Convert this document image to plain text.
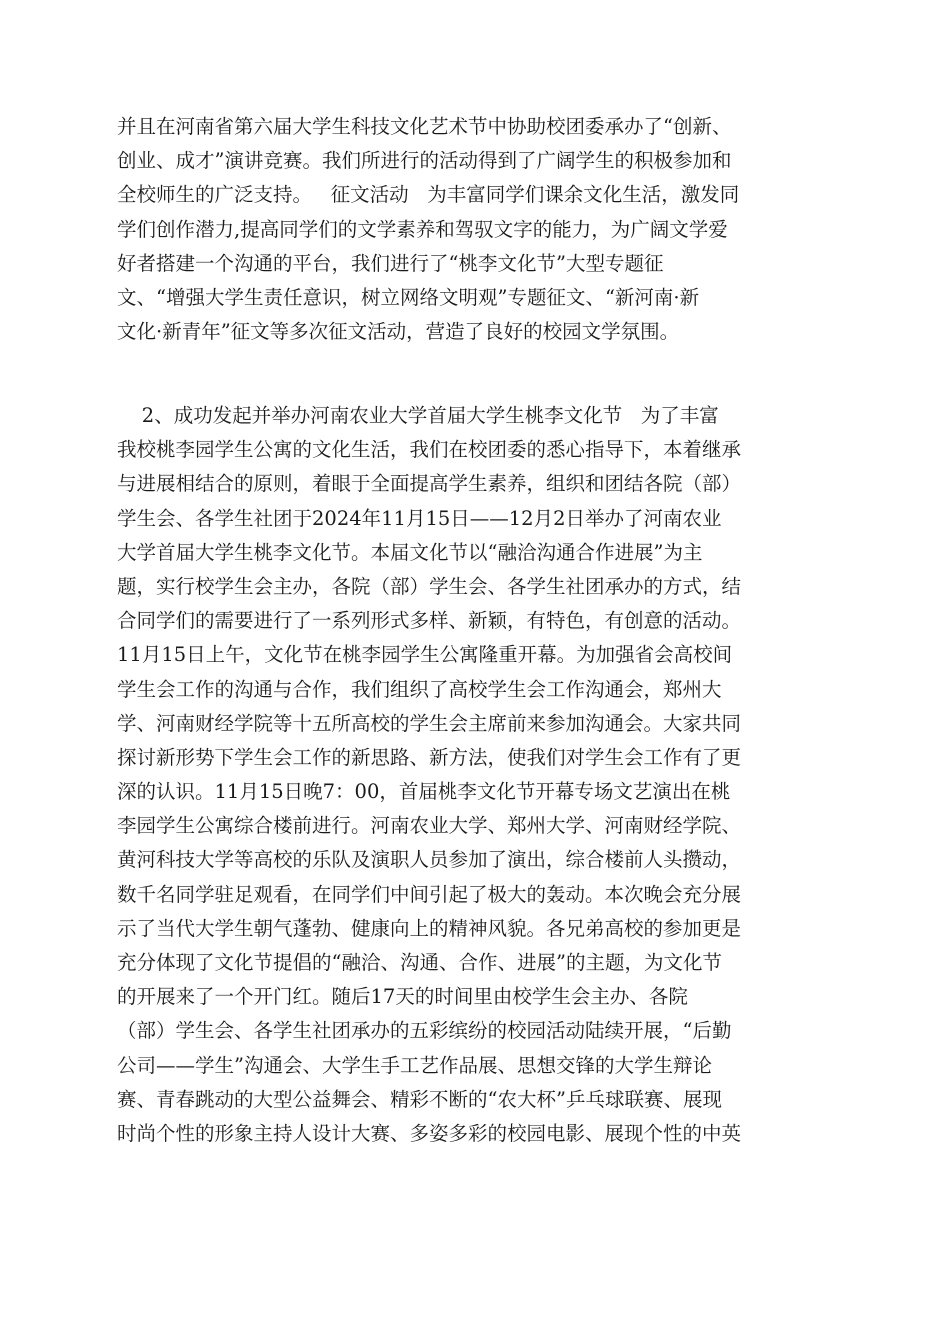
并且在河南省第六届大学生科技文化艺术节中协助校团委承办了“创新、
创业、成才”演讲竞赛。我们所进行的活动得到了广阔学生的积极参加和
全校师生的广泛支持。   征文活动   为丰富同学们课余文化生活，激发同
学们创作潜力,提高同学们的文学素养和驾驭文字的能力，为广阔文学爱
好者搭建一个沟通的平台，我们进行了“桃李文化节”大型专题征
文、“增强大学生责任意识，树立网络文明观”专题征文、“新河南·新
文化·新青年”征文等多次征文活动，营造了良好的校园文学氛围。
2、成功发起并举办河南农业大学首届大学生桃李文化节   为了丰富
我校桃李园学生公寓的文化生活，我们在校团委的悉心指导下，本着继承
与进展相结合的原则，着眼于全面提高学生素养，组织和团结各院（部）
学生会、各学生社团于2024年11月15日——12月2日举办了河南农业
大学首届大学生桃李文化节。本届文化节以“融洽沟通合作进展”为主
题，实行校学生会主办，各院（部）学生会、各学生社团承办的方式，结
合同学们的需要进行了一系列形式多样、新颖，有特色，有创意的活动。
11月15日上午，文化节在桃李园学生公寓隆重开幕。为加强省会高校间
学生会工作的沟通与合作，我们组织了高校学生会工作沟通会，郑州大
学、河南财经学院等十五所高校的学生会主席前来参加沟通会。大家共同
探讨新形势下学生会工作的新思路、新方法，使我们对学生会工作有了更
深的认识。11月15日晚7：00，首届桃李文化节开幕专场文艺演出在桃
李园学生公寓综合楼前进行。河南农业大学、郑州大学、河南财经学院、
黄河科技大学等高校的乐队及演职人员参加了演出，综合楼前人头攒动，
数千名同学驻足观看，在同学们中间引起了极大的轰动。本次晚会充分展
示了当代大学生朝气蓬勃、健康向上的精神风貌。各兄弟高校的参加更是
充分体现了文化节提倡的“融洽、沟通、合作、进展”的主题，为文化节
的开展来了一个开门红。随后17天的时间里由校学生会主办、各院
（部）学生会、各学生社团承办的五彩缤纷的校园活动陆续开展，“后勤
公司——学生”沟通会、大学生手工艺作品展、思想交锋的大学生辩论
赛、青春跳动的大型公益舞会、精彩不断的“农大杯”乒乓球联赛、展现
时尚个性的形象主持人设计大赛、多姿多彩的校园电影、展现个性的中英
